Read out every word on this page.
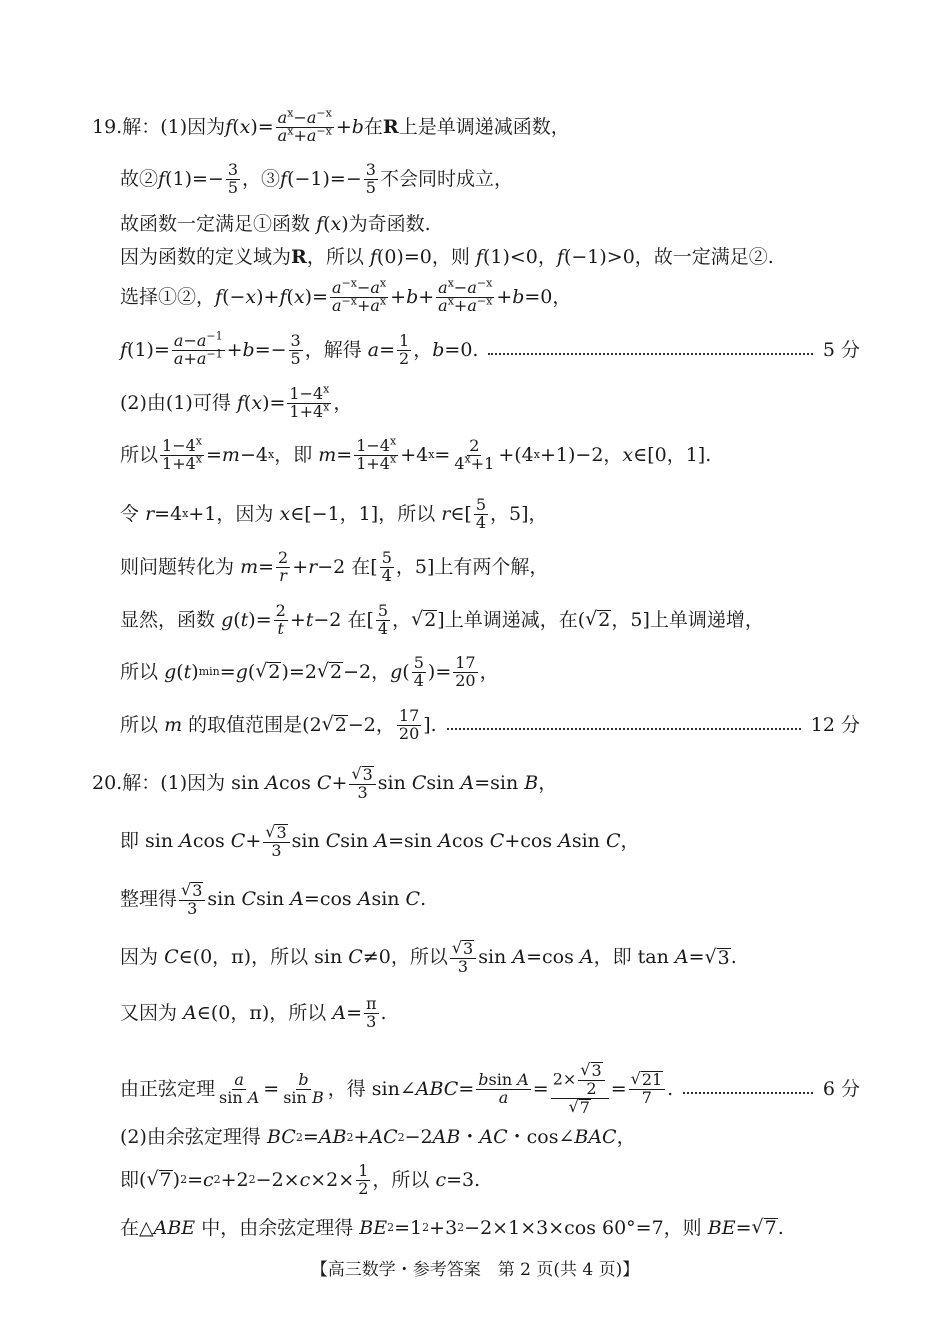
19. 解：(1)因为 f ( x )= $\frac{a^x-a^{-x}}{a^x+a^{-x}} + b$ 在 R 上是单调递减函数，
故② f $(1)=- \frac{3}{5}$ ，③ f $(-1)=- \frac{3}{5}$ 不会同时成立，
故函数一定满足①函数
f ( x ) 为奇函数.
因为函数的定义域为 R ，所以
f (0)=0 ，则
f (1)<0， f (−1)>0 ，故一定满足②.
选择①②， f (− x )+ f ( x )= $\frac{a^{-x}-a^x}{a^{-x}+a^x} + b + \frac{a^x-a^{-x}}{a^x+a^{-x}} + b =0$，
f $(1)= \frac{a-a^{-1}}{a+a^{-1}} + b =- \frac{3}{5}$ ，解得
$a = \frac{1}{2}$ ， b =0.	5 分
(2)由(1)可得
f ( x )= $\frac{1-4^x}{1+4^x}$ ，
所以 $\frac{1-4^x}{1+4^x} = m -4$ x ，即
$m = \frac{1-4^x}{1+4^x} +4$ $x = \frac{2}{4^x+1} +(4$ x +1)−2， x ∈[0，1].
令
r =4 x +1 ，因为
x ∈[−1，1] ，所以
r ∈[ $\frac{5}{4}$ ，5]，
则问题转化为
$m = \frac{2}{r} + r -2$ 在 [ $\frac{5}{4}$ ，5] 上有两个解，
显然，函数
g ( t )= $\frac{2}{t} + t -2$ 在 [ $\frac{5}{4}$ ， √ 2 ] 上单调递减，在 ( √ 2 ，5] 上单调递增，
所以
g ( t ) min = g ( √ 2 )=2 √ 2 −2， g ( $\frac{5}{4}$ )= $\frac{17}{20}$ ，
所以
m
的取值范围是 (2 √ 2 −2， $\frac{17}{20}$ ].	12 分
20. 解：(1)因为 sin A $\cos C + \frac{√ 3}{3}$ sin C sin A =sin B ，
即 sin A $\cos C + \frac{√ 3}{3}$ sin C sin A =sin A cos C +cos A sin C ，
整理得 $\frac{√ 3}{3}$ sin C sin A =cos A sin C .
因为
C ∈(0，π) ，所以 sin C ≠0 ，所以 $\frac{√ 3}{3}$ sin A =cos A ，即 tan A = √ 3 .
又因为
A ∈(0，π) ，所以
$A = \frac{\pi}{3}$ .
由正弦定理 $\frac{a}{\text{sin A}} = \frac{b}{\text{sin B}}$ ，得 sin∠ ABC = $\frac{\text{bsin A}}{a} = \frac{2\times \frac{√ 3}{2}}{√ 7} = \frac{√ 21}{7}$ .	6 分
(2)由余弦定理得
BC 2 = AB 2 + AC 2 −2 AB ・ AC ・cos∠ BAC ，
即 ( √ 7 ) 2 = c 2 +2 $2 -2\times c \times 2\times \frac{1}{2}$ ，所以
c =3.
在△ ABE
中，由余弦定理得
BE 2 =1 2 +3 2 −2×1×3×cos 60°=7 ，则
BE = √ 7 .
【高三数学・参考答案　第 2 页(共 4 页)】
